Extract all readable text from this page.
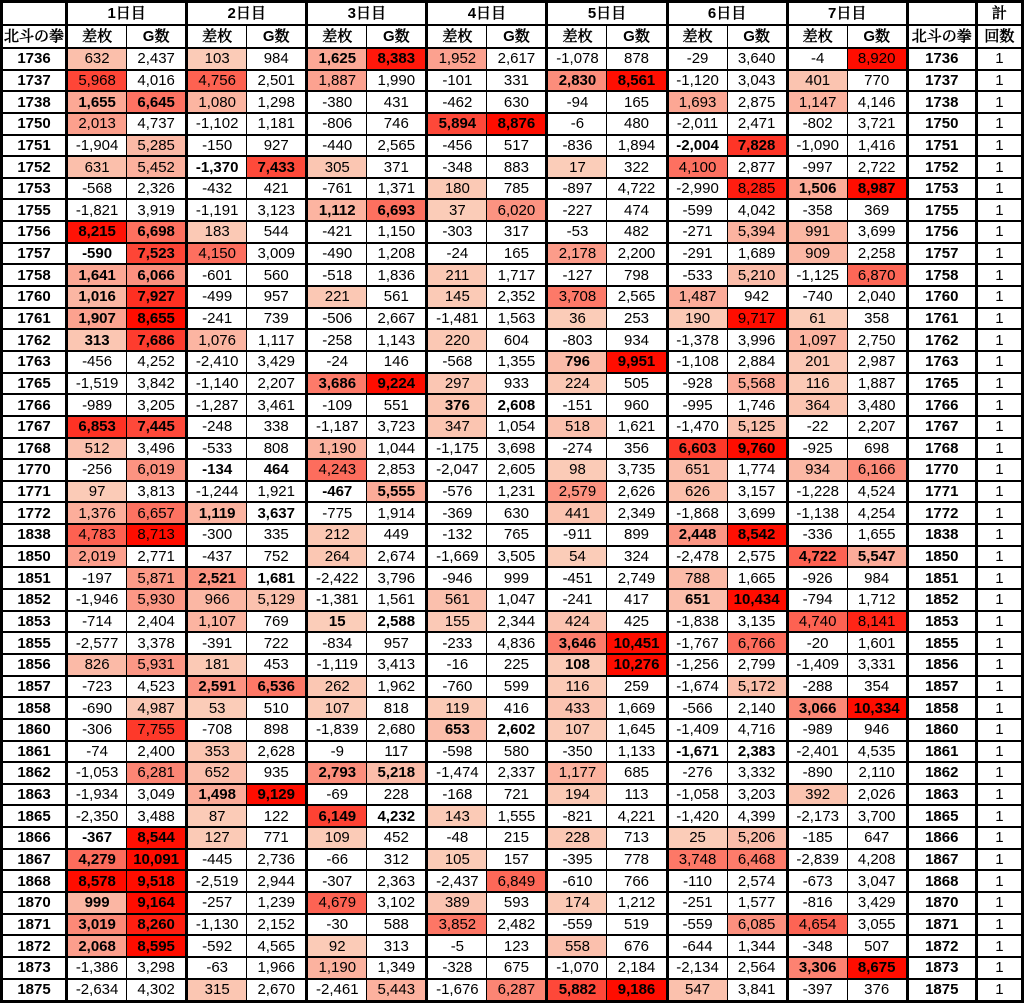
	1日目		2日目		3日目		4日目		5日目		6日目		7日目			計
北斗の拳	差枚	G数	差枚	G数	差枚	G数	差枚	G数	差枚	G数	差枚	G数	差枚	G数	北斗の拳	回数
1736	632	2,437	103	984	1,625	8,383	1,952	2,617	-1,078	878	-29	3,640	-4	8,920	1736	1
1737	5,968	4,016	4,756	2,501	1,887	1,990	-101	331	2,830	8,561	-1,120	3,043	401	770	1737	1
1738	1,655	6,645	1,080	1,298	-380	431	-462	630	-94	165	1,693	2,875	1,147	4,146	1738	1
1750	2,013	4,737	-1,102	1,181	-806	746	5,894	8,876	-6	480	-2,011	2,471	-802	3,721	1750	1
1751	-1,904	5,285	-150	927	-440	2,565	-456	517	-836	1,894	-2,004	7,828	-1,090	1,416	1751	1
1752	631	5,452	-1,370	7,433	305	371	-348	883	17	322	4,100	2,877	-997	2,722	1752	1
1753	-568	2,326	-432	421	-761	1,371	180	785	-897	4,722	-2,990	8,285	1,506	8,987	1753	1
1755	-1,821	3,919	-1,191	3,123	1,112	6,693	37	6,020	-227	474	-599	4,042	-358	369	1755	1
1756	8,215	6,698	183	544	-421	1,150	-303	317	-53	482	-271	5,394	991	3,699	1756	1
1757	-590	7,523	4,150	3,009	-490	1,208	-24	165	2,178	2,200	-291	1,689	909	2,258	1757	1
1758	1,641	6,066	-601	560	-518	1,836	211	1,717	-127	798	-533	5,210	-1,125	6,870	1758	1
1760	1,016	7,927	-499	957	221	561	145	2,352	3,708	2,565	1,487	942	-740	2,040	1760	1
1761	1,907	8,655	-241	739	-506	2,667	-1,481	1,563	36	253	190	9,717	61	358	1761	1
1762	313	7,686	1,076	1,117	-258	1,143	220	604	-803	934	-1,378	3,996	1,097	2,750	1762	1
1763	-456	4,252	-2,410	3,429	-24	146	-568	1,355	796	9,951	-1,108	2,884	201	2,987	1763	1
1765	-1,519	3,842	-1,140	2,207	3,686	9,224	297	933	224	505	-928	5,568	116	1,887	1765	1
1766	-989	3,205	-1,287	3,461	-109	551	376	2,608	-151	960	-995	1,746	364	3,480	1766	1
1767	6,853	7,445	-248	338	-1,187	3,723	347	1,054	518	1,621	-1,470	5,125	-22	2,207	1767	1
1768	512	3,496	-533	808	1,190	1,044	-1,175	3,698	-274	356	6,603	9,760	-925	698	1768	1
1770	-256	6,019	-134	464	4,243	2,853	-2,047	2,605	98	3,735	651	1,774	934	6,166	1770	1
1771	97	3,813	-1,244	1,921	-467	5,555	-576	1,231	2,579	2,626	626	3,157	-1,228	4,524	1771	1
1772	1,376	6,657	1,119	3,637	-775	1,914	-369	630	441	2,349	-1,868	3,699	-1,138	4,254	1772	1
1838	4,783	8,713	-300	335	212	449	-132	765	-911	899	2,448	8,542	-336	1,655	1838	1
1850	2,019	2,771	-437	752	264	2,674	-1,669	3,505	54	324	-2,478	2,575	4,722	5,547	1850	1
1851	-197	5,871	2,521	1,681	-2,422	3,796	-946	999	-451	2,749	788	1,665	-926	984	1851	1
1852	-1,946	5,930	966	5,129	-1,381	1,561	561	1,047	-241	417	651	10,434	-794	1,712	1852	1
1853	-714	2,404	1,107	769	15	2,588	155	2,344	424	425	-1,838	3,135	4,740	8,141	1853	1
1855	-2,577	3,378	-391	722	-834	957	-233	4,836	3,646	10,451	-1,767	6,766	-20	1,601	1855	1
1856	826	5,931	181	453	-1,119	3,413	-16	225	108	10,276	-1,256	2,799	-1,409	3,331	1856	1
1857	-723	4,523	2,591	6,536	262	1,962	-760	599	116	259	-1,674	5,172	-288	354	1857	1
1858	-690	4,987	53	510	107	818	119	416	433	1,669	-566	2,140	3,066	10,334	1858	1
1860	-306	7,755	-708	898	-1,839	2,680	653	2,602	107	1,645	-1,409	4,716	-989	946	1860	1
1861	-74	2,400	353	2,628	-9	117	-598	580	-350	1,133	-1,671	2,383	-2,401	4,535	1861	1
1862	-1,053	6,281	652	935	2,793	5,218	-1,474	2,337	1,177	685	-276	3,332	-890	2,110	1862	1
1863	-1,934	3,049	1,498	9,129	-69	228	-168	721	194	113	-1,058	3,203	392	2,026	1863	1
1865	-2,350	3,488	87	122	6,149	4,232	143	1,555	-821	4,221	-1,420	4,399	-2,173	3,700	1865	1
1866	-367	8,544	127	771	109	452	-48	215	228	713	25	5,206	-185	647	1866	1
1867	4,279	10,091	-445	2,736	-66	312	105	157	-395	778	3,748	6,468	-2,839	4,208	1867	1
1868	8,578	9,518	-2,519	2,944	-307	2,363	-2,437	6,849	-610	766	-110	2,574	-673	3,047	1868	1
1870	999	9,164	-257	1,239	4,679	3,102	389	593	174	1,212	-251	1,577	-816	3,429	1870	1
1871	3,019	8,260	-1,130	2,152	-30	588	3,852	2,482	-559	519	-559	6,085	4,654	3,055	1871	1
1872	2,068	8,595	-592	4,565	92	313	-5	123	558	676	-644	1,344	-348	507	1872	1
1873	-1,386	3,298	-63	1,966	1,190	1,349	-328	675	-1,070	2,184	-2,134	2,564	3,306	8,675	1873	1
1875	-2,634	4,302	315	2,670	-2,461	5,443	-1,676	6,287	5,882	9,186	547	3,841	-397	376	1875	1
